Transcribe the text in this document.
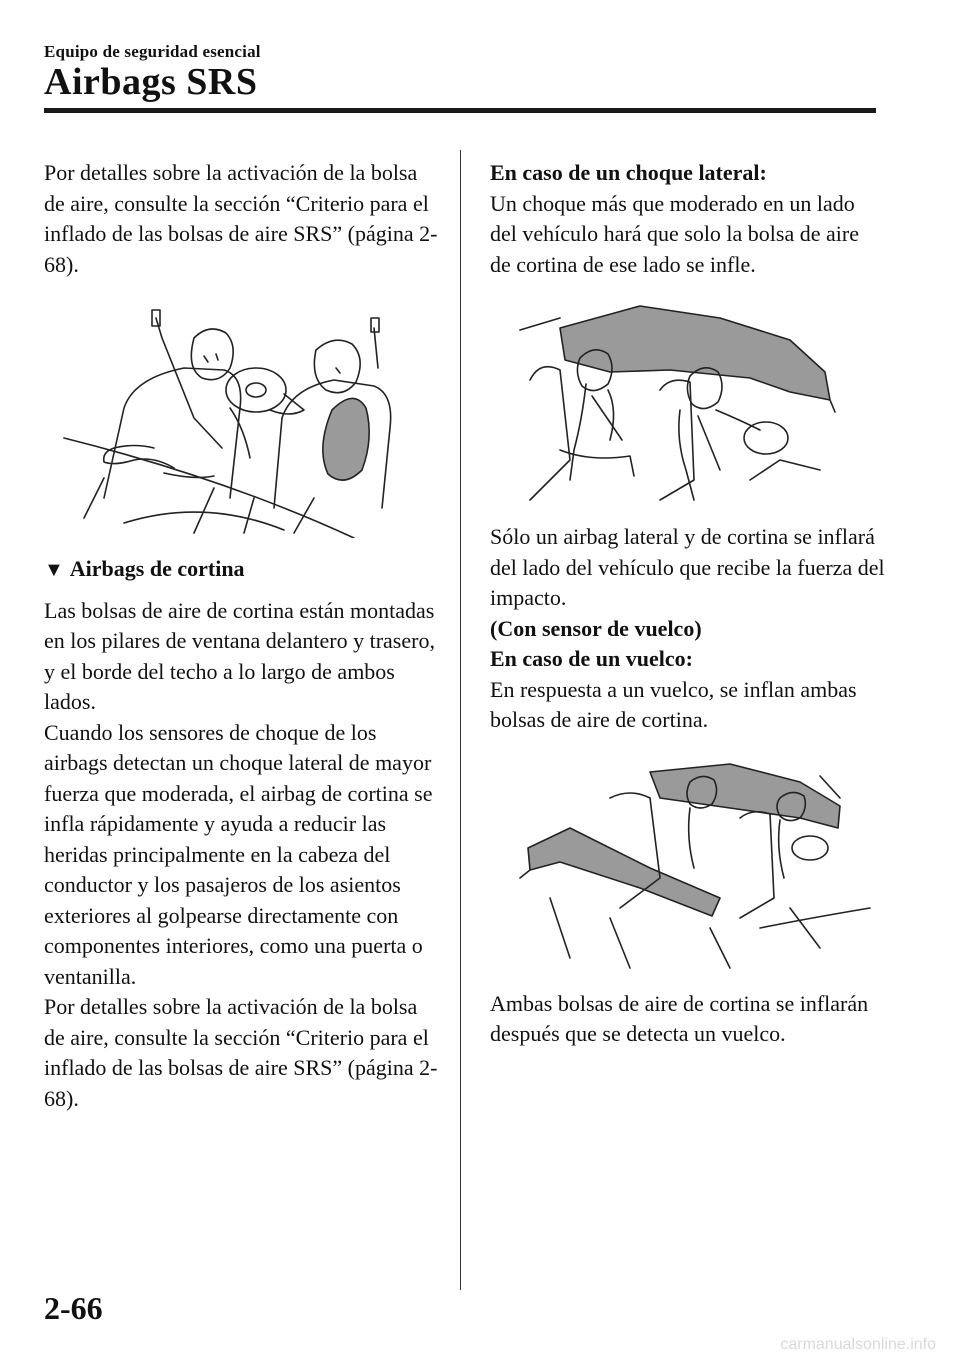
Equipo de seguridad esencial
Airbags SRS

Por detalles sobre la activación de la bolsa de aire, consulte la sección “Criterio para el inflado de las bolsas de aire SRS” (página 2-68).

▼ Airbags de cortina

Las bolsas de aire de cortina están montadas en los pilares de ventana delantero y trasero, y el borde del techo a lo largo de ambos lados.

Cuando los sensores de choque de los airbags detectan un choque lateral de mayor fuerza que moderada, el airbag de cortina se infla rápidamente y ayuda a reducir las heridas principalmente en la cabeza del conductor y los pasajeros de los asientos exteriores al golpearse directamente con componentes interiores, como una puerta o ventanilla.

Por detalles sobre la activación de la bolsa de aire, consulte la sección “Criterio para el inflado de las bolsas de aire SRS” (página 2-68).

En caso de un choque lateral:

Un choque más que moderado en un lado del vehículo hará que solo la bolsa de aire de cortina de ese lado se infle.

Sólo un airbag lateral y de cortina se inflará del lado del vehículo que recibe la fuerza del impacto.

(Con sensor de vuelco)

En caso de un vuelco:

En respuesta a un vuelco, se inflan ambas bolsas de aire de cortina.

Ambas bolsas de aire de cortina se inflarán después que se detecta un vuelco.

2-66
carmanualsonline.info
